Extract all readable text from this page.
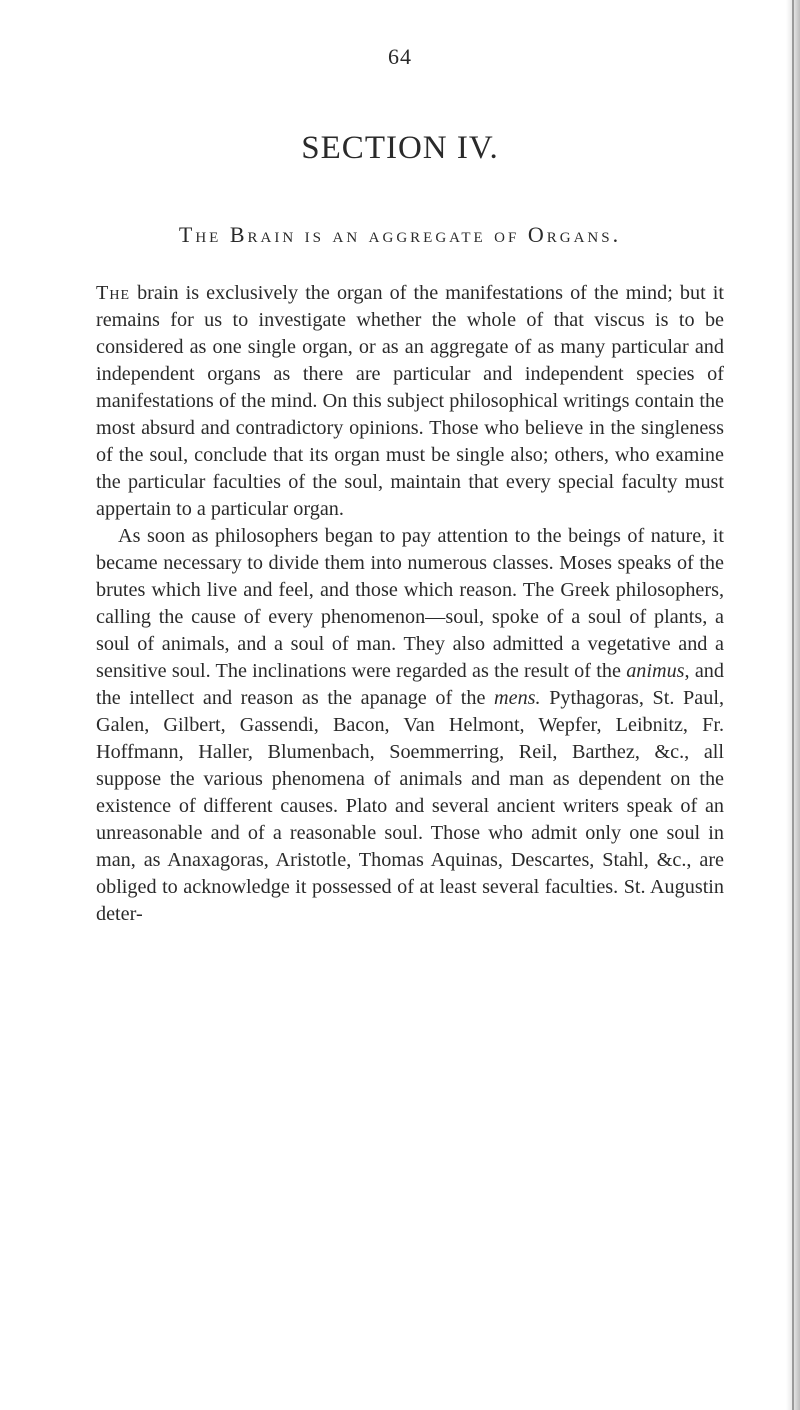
64
SECTION IV.
The Brain is an aggregate of Organs.

The brain is exclusively the organ of the manifestations of the mind; but it remains for us to investigate whether the whole of that viscus is to be considered as one single organ, or as an aggregate of as many particular and independent organs as there are particular and independent species of manifestations of the mind. On this subject philosophical writings contain the most absurd and contradictory opinions. Those who believe in the singleness of the soul, conclude that its organ must be single also; others, who examine the particular faculties of the soul, maintain that every special faculty must appertain to a particular organ.

As soon as philosophers began to pay attention to the beings of nature, it became necessary to divide them into numerous classes. Moses speaks of the brutes which live and feel, and those which reason. The Greek philosophers, calling the cause of every phenomenon—soul, spoke of a soul of plants, a soul of animals, and a soul of man. They also admitted a vegetative and a sensitive soul. The inclinations were regarded as the result of the animus, and the intellect and reason as the apanage of the mens. Pythagoras, St. Paul, Galen, Gilbert, Gassendi, Bacon, Van Helmont, Wepfer, Leibnitz, Fr. Hoffmann, Haller, Blumenbach, Soemmerring, Reil, Barthez, &c., all suppose the various phenomena of animals and man as dependent on the existence of different causes. Plato and several ancient writers speak of an unreasonable and of a reasonable soul. Those who admit only one soul in man, as Anaxagoras, Aristotle, Thomas Aquinas, Descartes, Stahl, &c., are obliged to acknowledge it possessed of at least several faculties. St. Augustin deter-
